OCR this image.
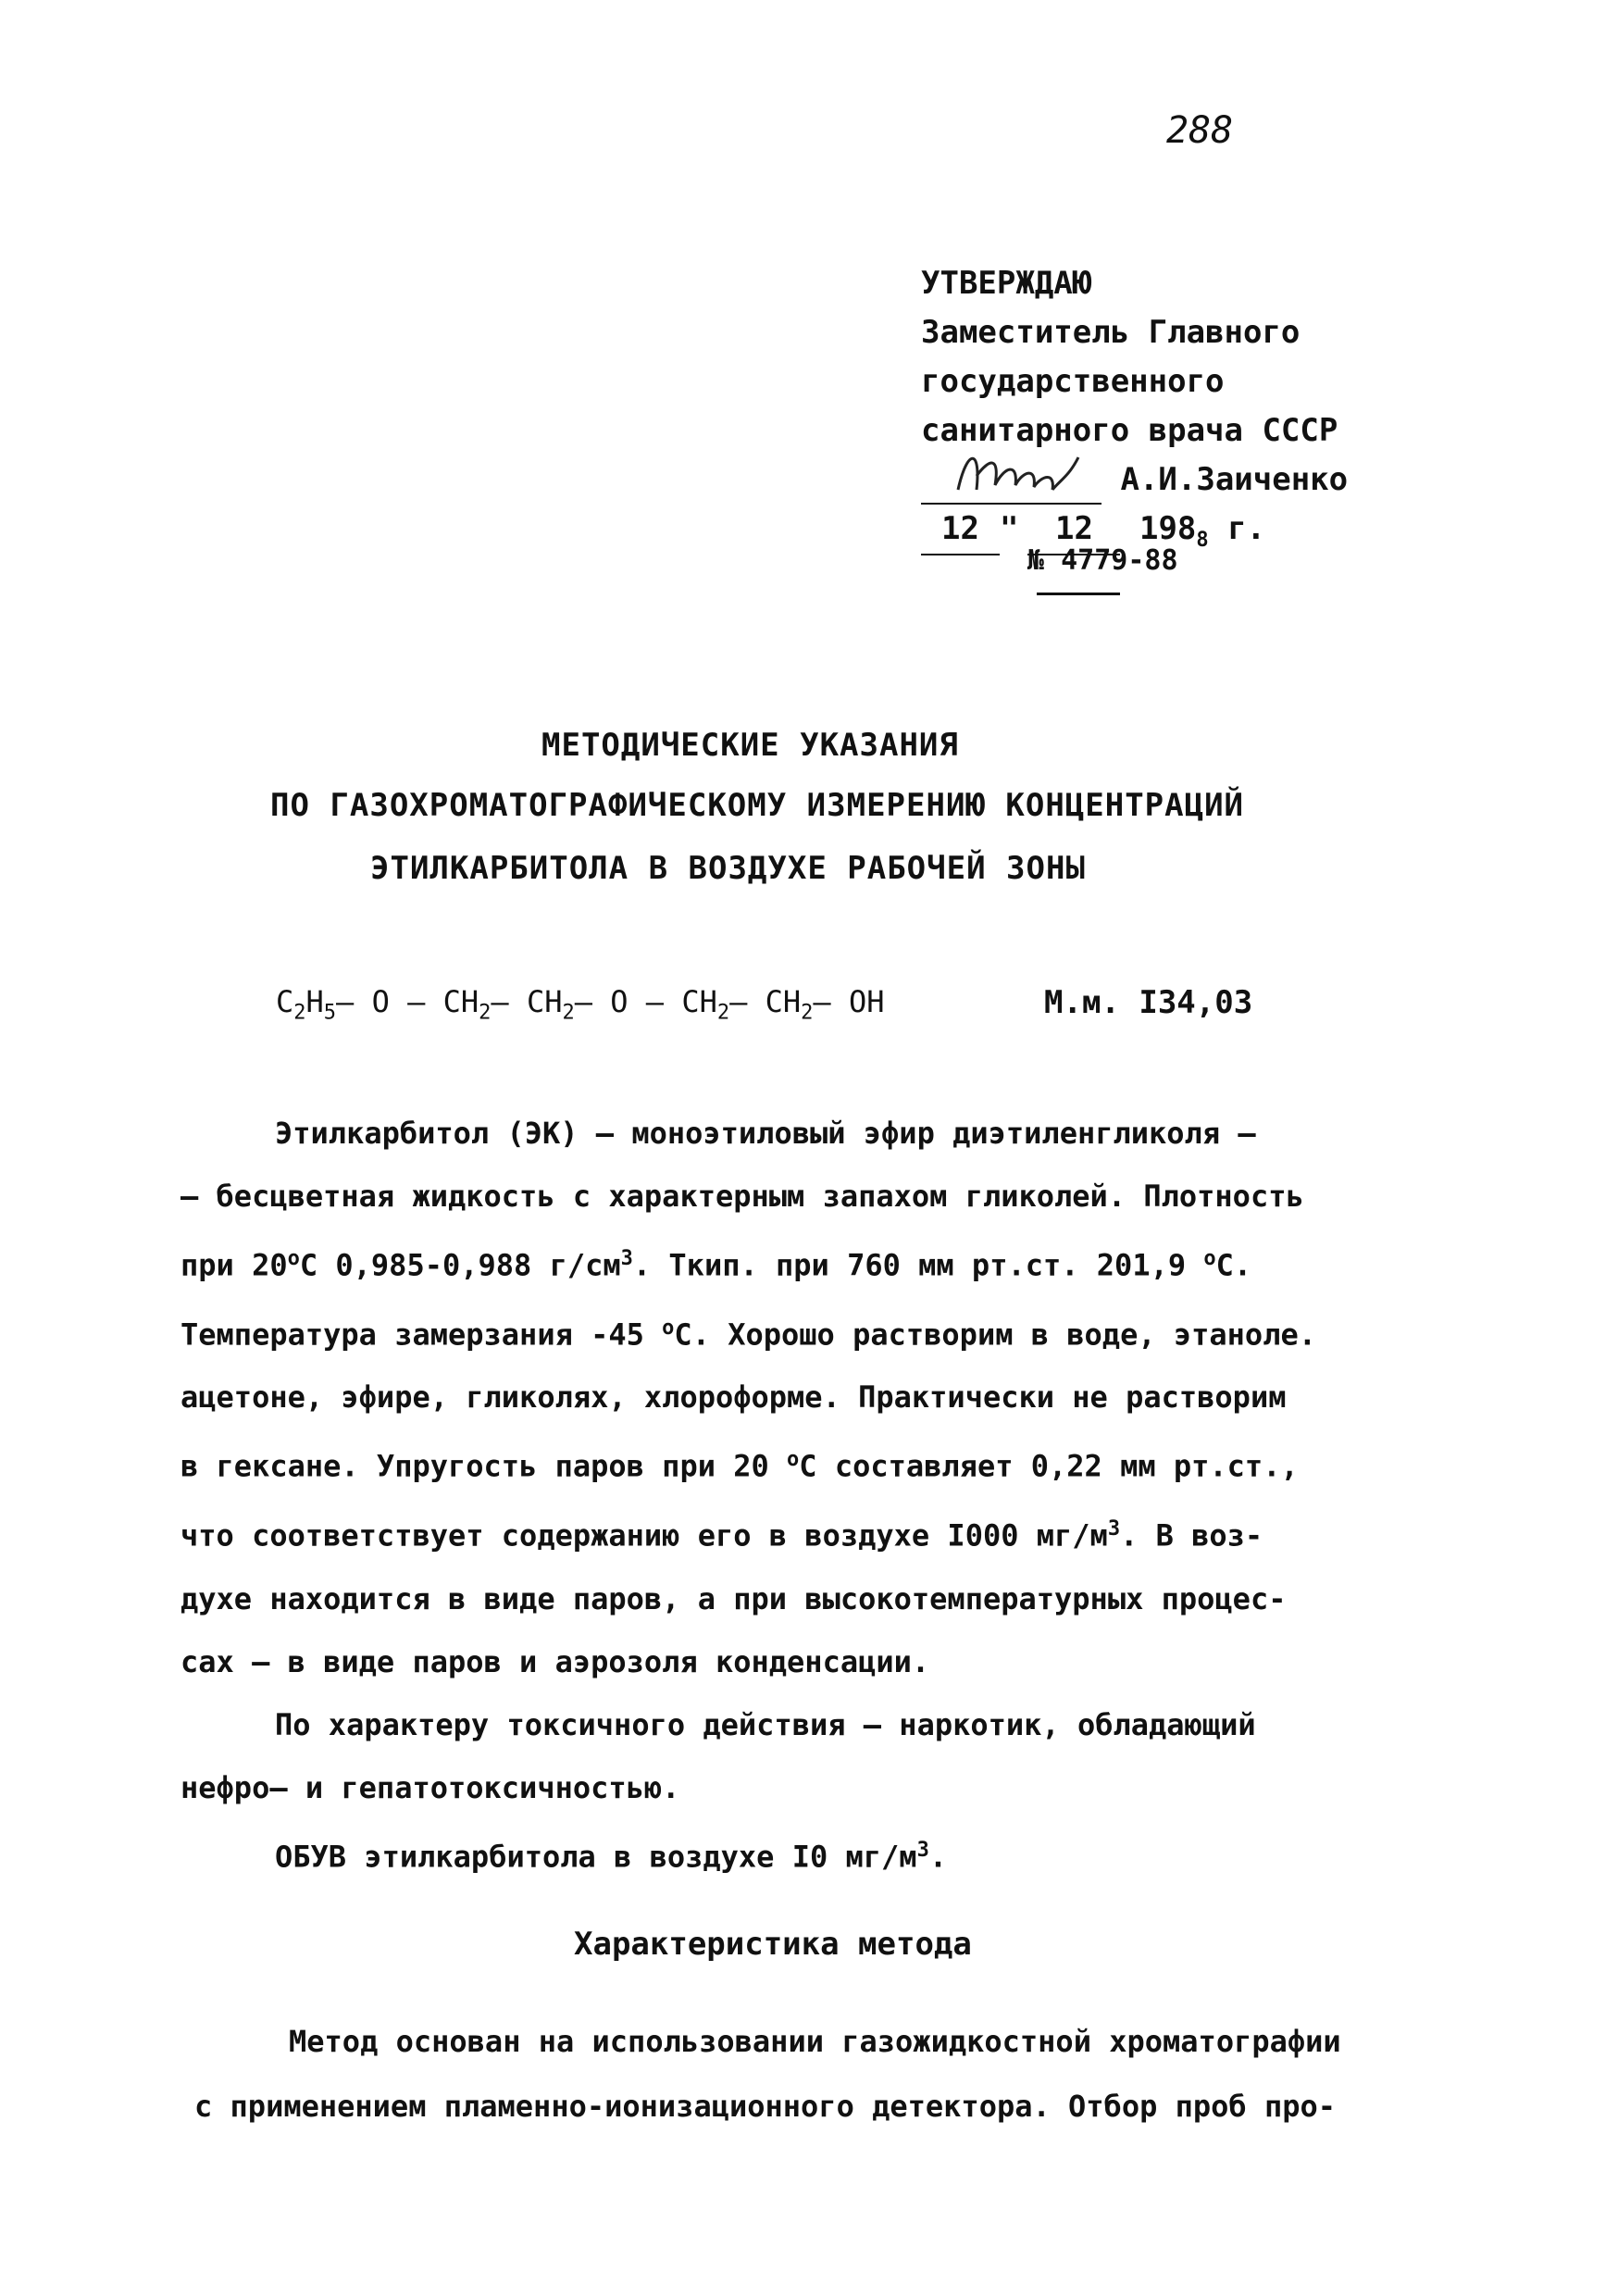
288
УТВЕРЖДАЮ
Заместитель Главного
государственного
санитарного врача СССР

А.И.Заиченко
12 " 12 $198_8$ г.
№ 4779-88
МЕТОДИЧЕСКИЕ УКАЗАНИЯ
ПО ГАЗОХРОМАТОГРАФИЧЕСКОМУ ИЗМЕРЕНИЮ КОНЦЕНТРАЦИЙ
ЭТИЛКАРБИТОЛА В ВОЗДУХЕ РАБОЧЕЙ ЗОНЫ
$C_2H_5-$ O – $CH_2-$ $CH_2-$ O – $CH_2-$ $CH_2-$ OH	М.м. I34,03
Этилкарбитол (ЭК) – моноэтиловый эфир диэтиленгликоля –
– бесцветная жидкость с характерным запахом гликолей. Плотность
при $20^оС$ 0,985-0,988 $г/см^3$. Ткип. при 760 мм рт.ст. 201,9 $^о$С.
Температура замерзания -45 $^о$С. Хорошо растворим в воде, этаноле.
ацетоне, эфире, гликолях, хлороформе. Практически не растворим
в гексане. Упругость паров при 20 $^о$С составляет 0,22 мм рт.ст.,
что соответствует содержанию его в воздухе I000 $мг/м^3$. В воз-
духе находится в виде паров, а при высокотемпературных процес-
сах – в виде паров и аэрозоля конденсации.
По характеру токсичного действия – наркотик, обладающий
нефро– и гепатотоксичностью.
ОБУВ этилкарбитола в воздухе I0 $мг/м^3$.
Характеристика метода
Метод основан на использовании газожидкостной хроматографии
с применением пламенно-ионизационного детектора. Отбор проб про-
